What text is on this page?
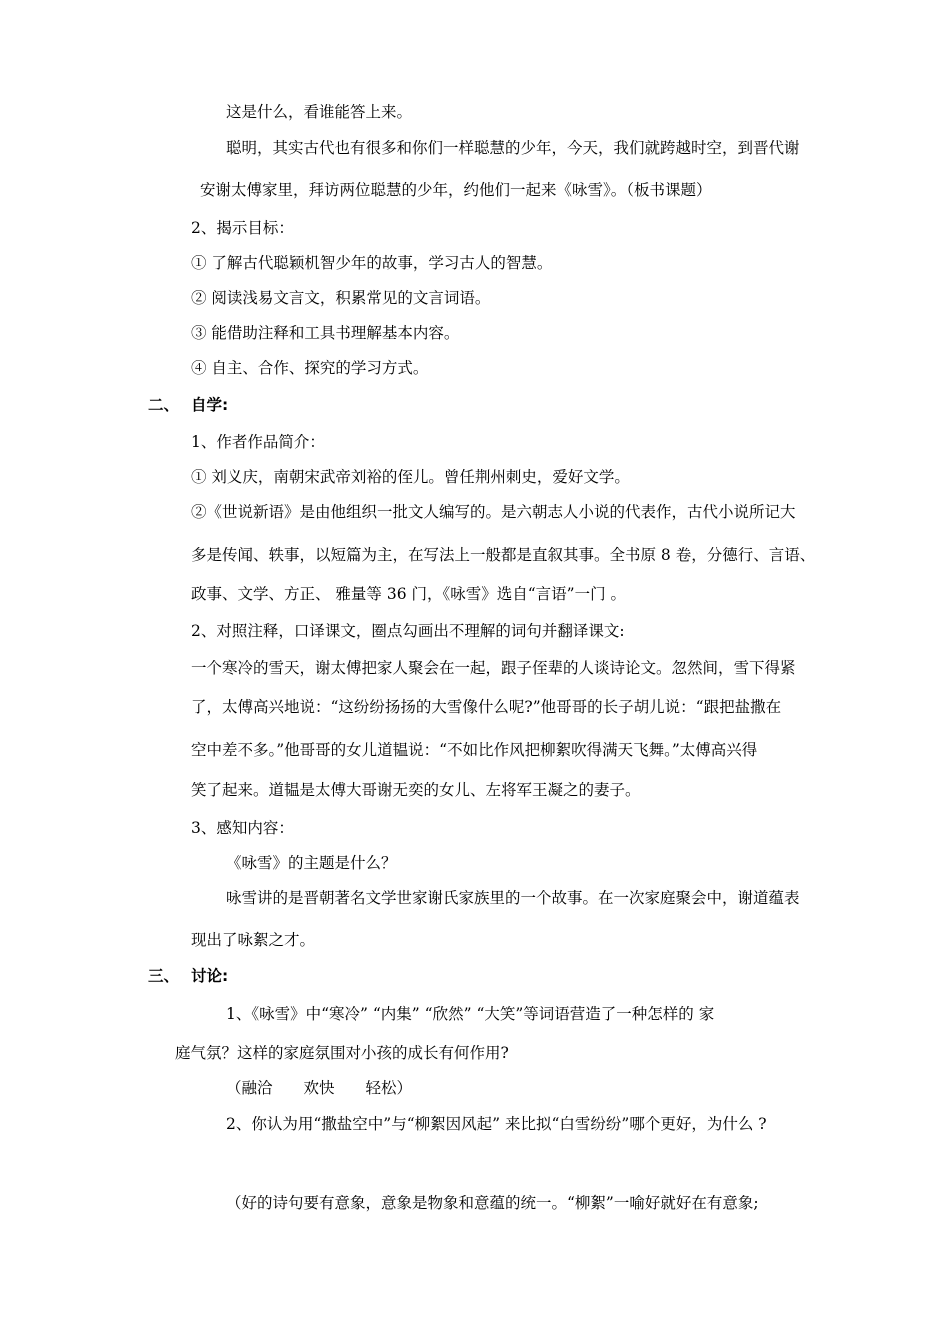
这是什么，看谁能答上来。
聪明，其实古代也有很多和你们一样聪慧的少年，今天，我们就跨越时空，到晋代谢
安谢太傅家里，拜访两位聪慧的少年，约他们一起来《咏雪》。（板书课题）
2、揭示目标：
① 了解古代聪颖机智少年的故事，学习古人的智慧。
② 阅读浅易文言文，积累常见的文言词语。
③ 能借助注释和工具书理解基本内容。
④ 自主、合作、探究的学习方式。
二、 自学:
1、作者作品简介：
① 刘义庆，南朝宋武帝刘裕的侄儿。曾任荆州刺史，爱好文学。
②《世说新语》是由他组织一批文人编写的。是六朝志人小说的代表作，古代小说所记大
多是传闻、轶事，以短篇为主，在写法上一般都是直叙其事。全书原 8 卷，分德行、言语、
政事、文学、方正、 雅量等 36 门，《咏雪》选自“言语”一门 。
2、对照注释，口译课文，圈点勾画出不理解的词句并翻译课文:
一个寒冷的雪天，谢太傅把家人聚会在一起，跟子侄辈的人谈诗论文。忽然间，雪下得紧
了，太傅高兴地说：“这纷纷扬扬的大雪像什么呢?”他哥哥的长子胡儿说：“跟把盐撒在
空中差不多。”他哥哥的女儿道韫说：“不如比作风把柳絮吹得满天飞舞。”太傅高兴得
笑了起来。道韫是太傅大哥谢无奕的女儿、左将军王凝之的妻子。
3、感知内容：
《咏雪》的主题是什么？
咏雪讲的是晋朝著名文学世家谢氏家族里的一个故事。在一次家庭聚会中，谢道蕴表
现出了咏絮之才。
三、 讨论:
1、《咏雪》中“寒冷” “内集” “欣然” “大笑”等词语营造了一种怎样的 家
庭气氛？这样的家庭氛围对小孩的成长有何作用?
（融洽　　欢快　　轻松）
2、你认为用“撒盐空中”与“柳絮因风起” 来比拟“白雪纷纷”哪个更好，为什么 ?
（好的诗句要有意象，意象是物象和意蕴的统一。“柳絮”一喻好就好在有意象;
